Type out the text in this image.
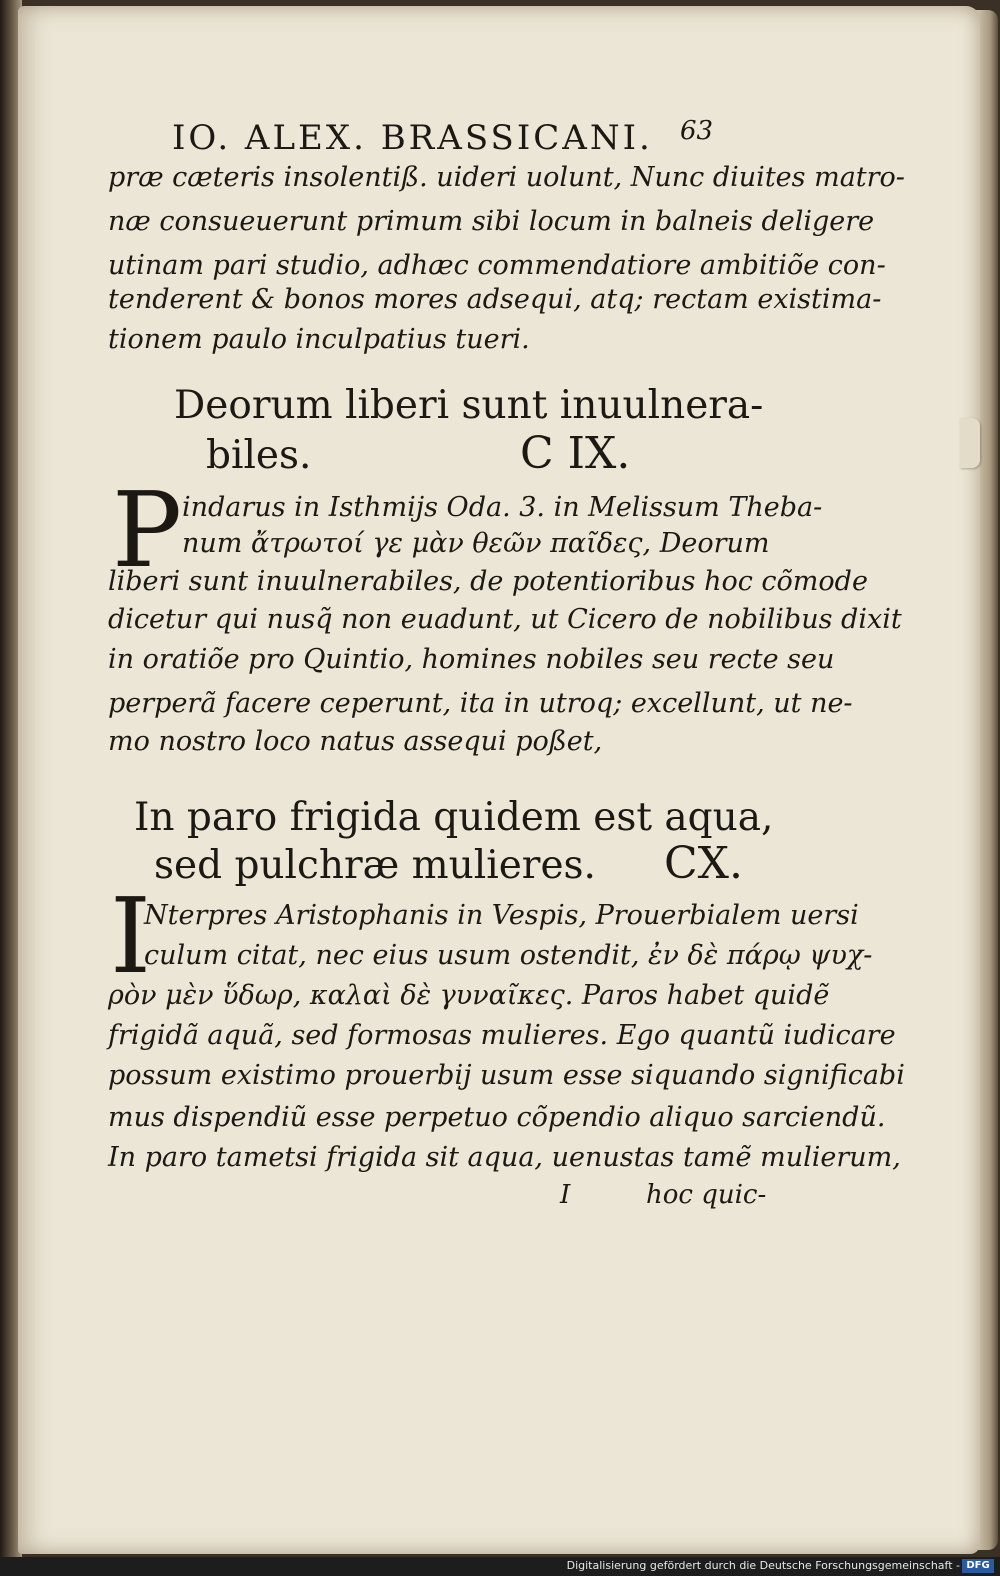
IO. ALEX. BRASSICANI.	63
præ cæteris insolentiß. uideri uolunt, Nunc diuites matro-
næ consueuerunt primum sibi locum in balneis deligere
utinam pari studio, adhæc commendatiore ambitiõe con-
tenderent & bonos mores adsequi, atq; rectam existima-
tionem paulo inculpatius tueri.
Deorum liberi sunt inuulnera-
biles.	C IX.
P indarus in Isthmijs Oda. 3. in Melissum Theba-
num ἄτρωτοί γε μὰν θεῶν παῖδες, Deorum
liberi sunt inuulnerabiles, de potentioribus hoc cõmode
dicetur qui nusq̃ non euadunt, ut Cicero de nobilibus dixit
in oratiõe pro Quintio, homines nobiles seu recte seu
perperã facere ceperunt, ita in utroq; excellunt, ut ne-
mo nostro loco natus assequi poßet,
In paro frigida quidem est aqua,
sed pulchræ mulieres. CX.
I
Nterpres Aristophanis in Vespis, Prouerbialem uersi
culum citat, nec eius usum ostendit, ἐν δὲ πάρῳ ψυχ-
ρὸν μὲν ὕδωρ, καλαὶ δὲ γυναῖκες. Paros habet quidẽ
frigidã aquã, sed formosas mulieres. Ego quantũ iudicare
possum existimo prouerbij usum esse siquando significabi
mus dispendiũ esse perpetuo cõpendio aliquo sarciendũ.
In paro tametsi frigida sit aqua, uenustas tamẽ mulierum,
I	hoc quic-
Digitalisierung gefördert durch die Deutsche Forschungsgemeinschaft - DFG
